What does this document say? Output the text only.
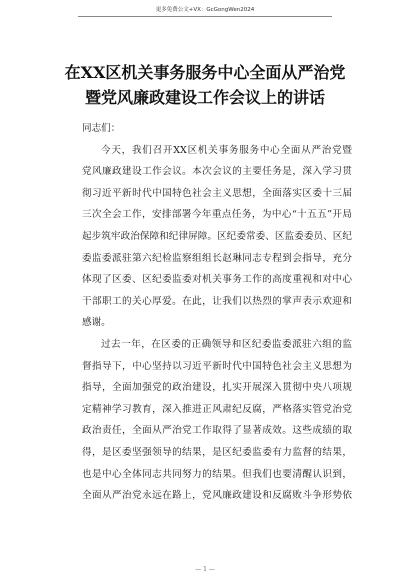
更多免费公文+VX：GcGongWen2024
在XX区机关事务服务中心全面从严治党
暨党风廉政建设工作会议上的讲话
同志们：
今天，我们召开XX区机关事务服务中心全面从严治党暨
党风廉政建设工作会议。本次会议的主要任务是，深入学习贯
彻习近平新时代中国特色社会主义思想，全面落实区委十三届
三次全会工作，安排部署今年重点任务，为中心“十五五”开局
起步筑牢政治保障和纪律屏障。区纪委常委、区监委委员、区纪
委监委派驻第六纪检监察组组长赵琳同志专程到会指导，充分
体现了区委、区纪委监委对机关事务工作的高度重视和对中心
干部职工的关心厚爱。在此，让我们以热烈的掌声表示欢迎和
感谢。
过去一年，在区委的正确领导和区纪委监委派驻六组的监
督指导下，中心坚持以习近平新时代中国特色社会主义思想为
指导，全面加强党的政治建设，扎实开展深入贯彻中央八项规
定精神学习教育，深入推进正风肃纪反腐，严格落实管党治党
政治责任，全面从严治党工作取得了显著成效。这些成绩的取
得，是区委坚强领导的结果，是区纪委监委有力监督的结果，
也是中心全体同志共同努力的结果。但我们也要清醒认识到，
全面从严治党永远在路上，党风廉政建设和反腐败斗争形势依
— 1 —
